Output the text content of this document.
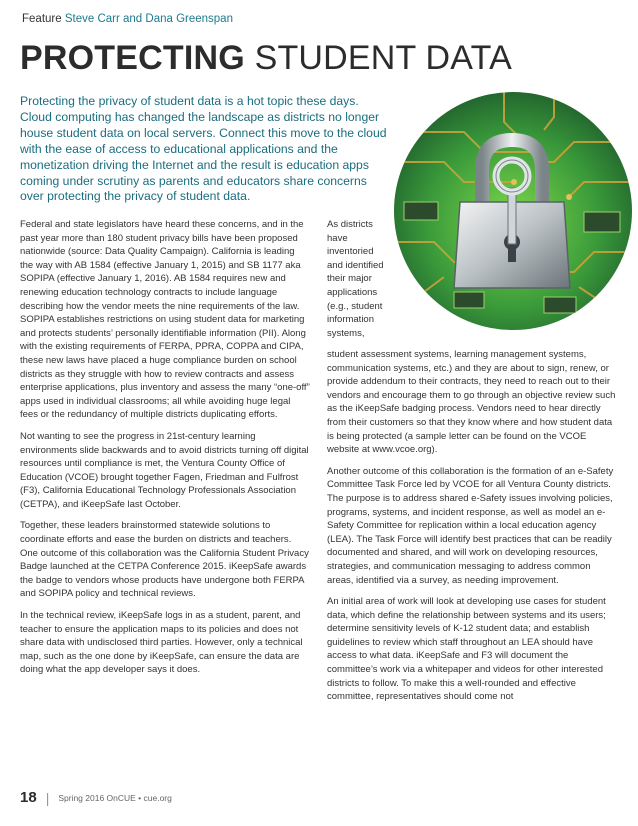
Feature Steve Carr and Dana Greenspan
PROTECTING STUDENT DATA

Protecting the privacy of student data is a hot topic these days. Cloud computing has changed the landscape as districts no longer house student data on local servers. Connect this move to the cloud with the ease of access to educational applications and the monetization driving the Internet and the result is education apps coming under scrutiny as parents and educators share concerns over protecting the privacy of student data.

Federal and state legislators have heard these concerns, and in the past year more than 180 student privacy bills have been proposed nationwide (source: Data Quality Campaign). California is leading the way with AB 1584 (effective January 1, 2015) and SB 1177 aka SOPIPA (effective January 1, 2016). AB 1584 requires new and renewing education technology contracts to include language describing how the vendor meets the nine requirements of the law. SOPIPA establishes restrictions on using student data for marketing and protects students’ personally identifiable information (PII). Along with the existing requirements of FERPA, PPRA, COPPA and CIPA, these new laws have placed a huge compliance burden on school districts as they struggle with how to review contracts and assess enterprise applications, plus inventory and assess the many “one-off” apps used in individual classrooms; all while avoiding huge legal fees or the redundancy of multiple districts duplicating efforts.

Not wanting to see the progress in 21st-century learning environments slide backwards and to avoid districts turning off digital resources until compliance is met, the Ventura County Office of Education (VCOE) brought together Fagen, Friedman and Fulfrost (F3), California Educational Technology Professionals Association (CETPA), and iKeepSafe last October.

Together, these leaders brainstormed statewide solutions to coordinate efforts and ease the burden on districts and teachers. One outcome of this collaboration was the California Student Privacy Badge launched at the CETPA Conference 2015. iKeepSafe awards the badge to vendors whose products have undergone both FERPA and SOPIPA policy and technical reviews.

In the technical review, iKeepSafe logs in as a student, parent, and teacher to ensure the application maps to its policies and does not share data with undisclosed third parties. However, only a technical map, such as the one done by iKeepSafe, can ensure the data are doing what the app developer says it does.

As districts

have

inventoried

and identified

their major

applications

(e.g., student

information

systems,

student assessment systems, learning management systems, communication systems, etc.) and they are about to sign, renew, or provide addendum to their contracts, they need to reach out to their vendors and encourage them to go through an objective review such as the iKeepSafe badging process. Vendors need to hear directly from their customers so that they know where and how student data is being protected (a sample letter can be found on the VCOE website at www.vcoe.org).

Another outcome of this collaboration is the formation of an e-Safety Committee Task Force led by VCOE for all Ventura County districts. The purpose is to address shared e-Safety issues involving policies, programs, systems, and incident response, as well as model an e-Safety Committee for replication within a local education agency (LEA). The Task Force will identify best practices that can be readily documented and shared, and will work on developing resources, strategies, and communication messaging to address common areas, identified via a survey, as needing improvement.

An initial area of work will look at developing use cases for student data, which define the relationship between systems and its users; determine sensitivity levels of K-12 student data; and establish guidelines to review which staff throughout an LEA should have access to what data. iKeepSafe and F3 will document the committee’s work via a whitepaper and videos for other interested districts to follow. To make this a well-rounded and effective committee, representatives should come not

18 | Spring 2016 OnCUE • cue.org
